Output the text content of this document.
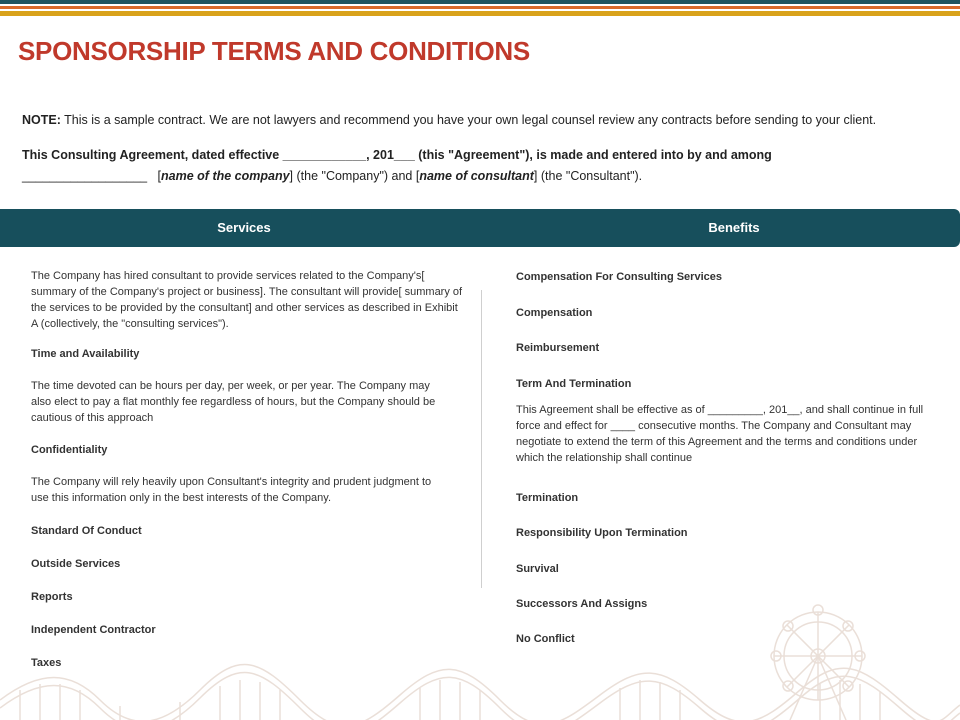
SPONSORSHIP TERMS AND CONDITIONS
NOTE: This is a sample contract. We are not lawyers and recommend you have your own legal counsel review any contracts before sending to your client.
This Consulting Agreement, dated effective ____________, 201___ (this "Agreement"), is made and entered into by and among
__________________   [name of the company] (the "Company") and [name of consultant] (the "Consultant").
Services	Benefits
The Company has hired consultant to provide services related to the Company's[ summary of the Company's project or business]. The consultant will provide[ summary of the services to be provided by the consultant] and other services as described in Exhibit A (collectively, the "consulting services").
Time and Availability
The time devoted can be hours per day, per week, or per year. The Company may also elect to pay a flat monthly fee regardless of hours, but the Company should be cautious of this approach
Confidentiality
The Company will rely heavily upon Consultant's integrity and prudent judgment to use this information only in the best interests of the Company.
Standard Of Conduct
Outside Services
Reports
Independent Contractor
Taxes
Compensation For Consulting Services
Compensation
Reimbursement
Term And Termination
This Agreement shall be effective as of _________, 201__, and shall continue in full force and effect for ____ consecutive months. The Company and Consultant may negotiate to extend the term of this Agreement and the terms and conditions under which the relationship shall continue
Termination
Responsibility Upon Termination
Survival
Successors And Assigns
No Conflict
